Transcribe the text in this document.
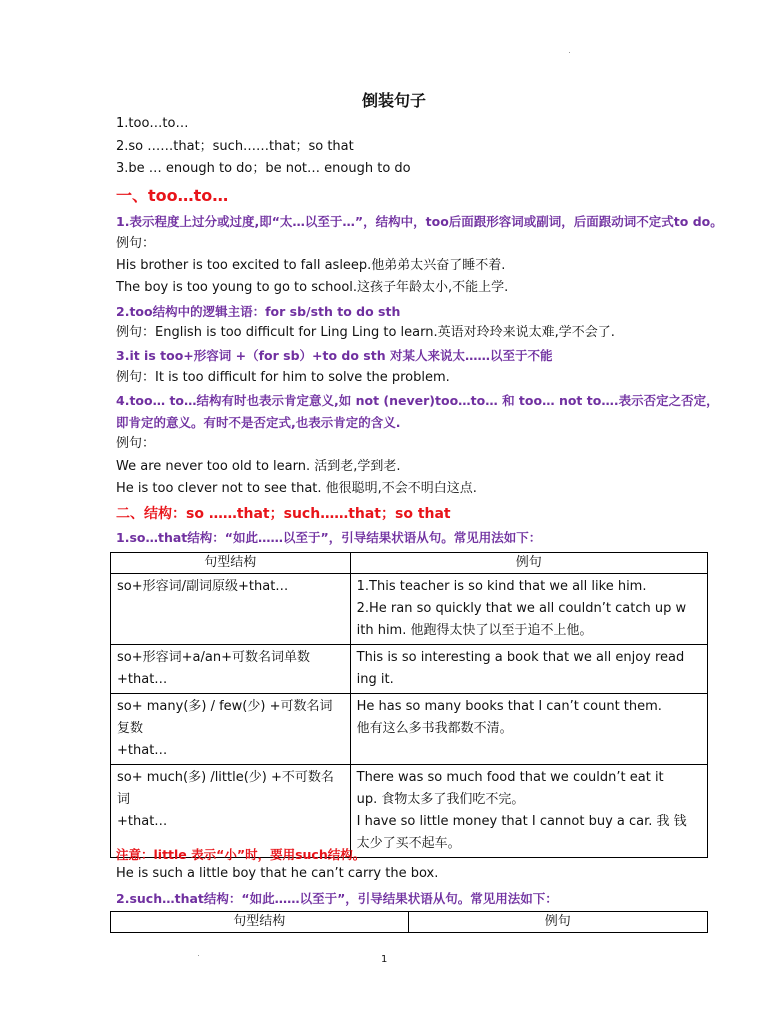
倒装句子
1.too…to…
2.so ……that；such……that；so that
3.be … enough to do；be not… enough to do
一、too…to…
1.表示程度上过分或过度,即“太…以至于…”，结构中，too后面跟形容词或副词，后面跟动词不定式to do。
例句：
His brother is too excited to fall asleep.他弟弟太兴奋了睡不着.
The boy is too young to go to school.这孩子年龄太小,不能上学.
2.too结构中的逻辑主语：for sb/sth to do sth
例句：English is too difficult for Ling Ling to learn.英语对玲玲来说太难,学不会了.
3.it is too+形容词 +（for sb）+to do sth 对某人来说太……以至于不能
例句：It is too difficult for him to solve the problem.
4.too… to…结构有时也表示肯定意义,如 not (never)too…to… 和 too… not to….表示否定之否定，
即肯定的意义。有时不是否定式,也表示肯定的含义.
例句：
We are never too old to learn. 活到老,学到老.
He is too clever not to see that. 他很聪明,不会不明白这点.
二、结构：so ……that；such……that；so that
1.so…that结构：“如此……以至于”，引导结果状语从句。常见用法如下：
句型结构	例句
so+形容词/副词原级+that…	1.This teacher is so kind that we all like him.
2.He ran so quickly that we all couldn’t catch up w
ith him. 他跑得太快了以至于追不上他。

so+形容词+a/an+可数名词单数+that…	This is so interesting a book that we all enjoy read
ing it.

so+ many(多) / few(少) +可数名词复数
+that…	He has so many books that I can’t count them.
他有这么多书我都数不清。

so+ much(多) /little(少) +不可数名词
+that…	There was so much food that we couldn’t eat it
up. 食物太多了我们吃不完。
I have so little money that I cannot buy a car. 我 钱
太少了买不起车。
注意：little 表示“小”时，要用such结构。
He is such a little boy that he can’t carry the box.
2.such…that结构：“如此……以至于”，引导结果状语从句。常见用法如下：
句型结构	例句
1
